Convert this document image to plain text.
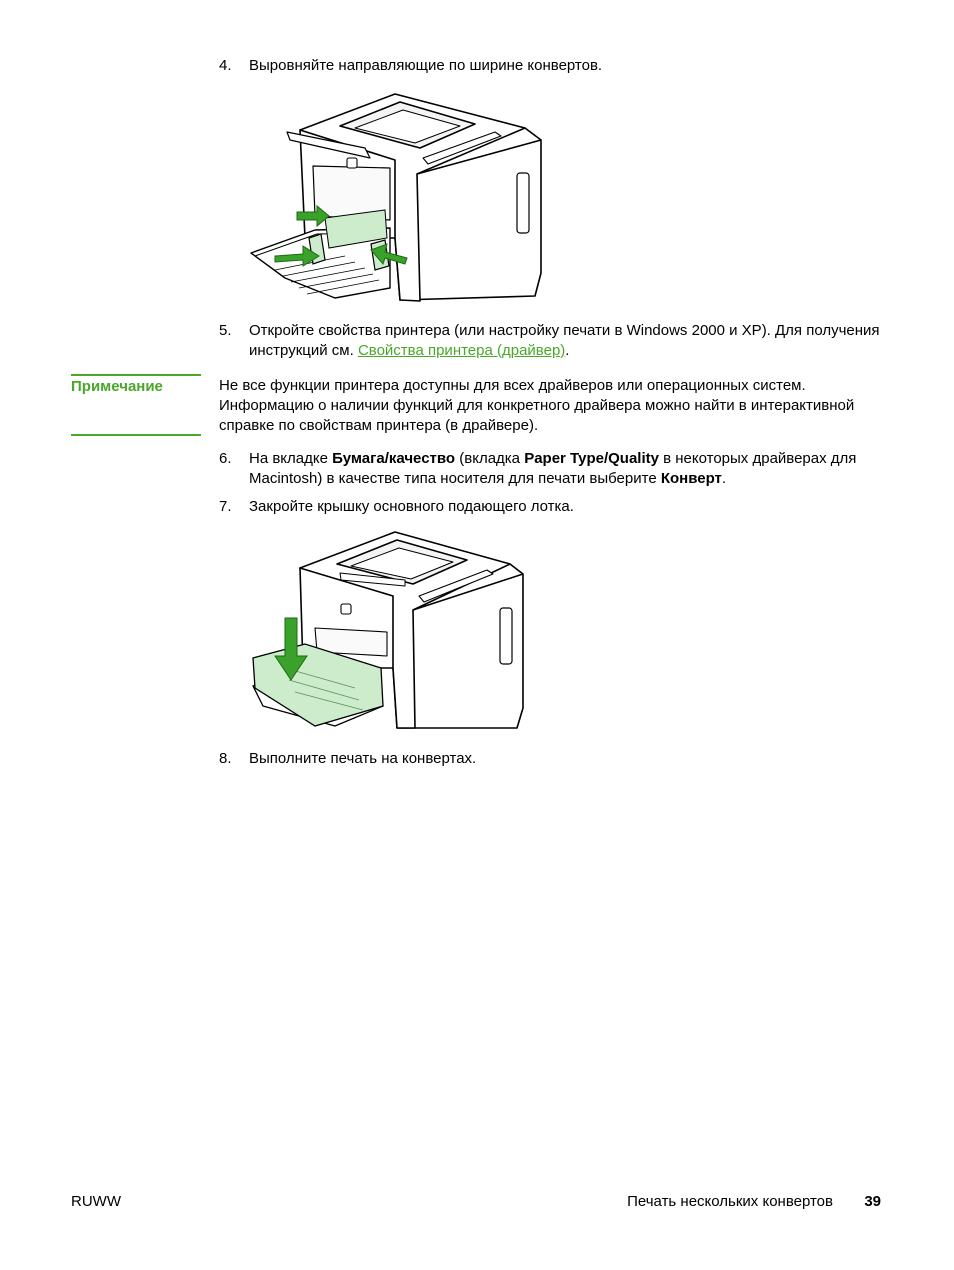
4. Выровняйте направляющие по ширине конвертов.
5. Откройте свойства принтера (или настройку печати в Windows 2000 и XP). Для получения инструкций см. Свойства принтера (драйвер).
Примечание	Не все функции принтера доступны для всех драйверов или операционных систем. Информацию о наличии функций для конкретного драйвера можно найти в интерактивной справке по свойствам принтера (в драйвере).
6. На вкладке Бумага/качество (вкладка Paper Type/Quality в некоторых драйверах для Macintosh) в качестве типа носителя для печати выберите Конверт.
7. Закройте крышку основного подающего лотка.
8. Выполните печать на конвертах.
RUWW	Печать нескольких конвертов 39
